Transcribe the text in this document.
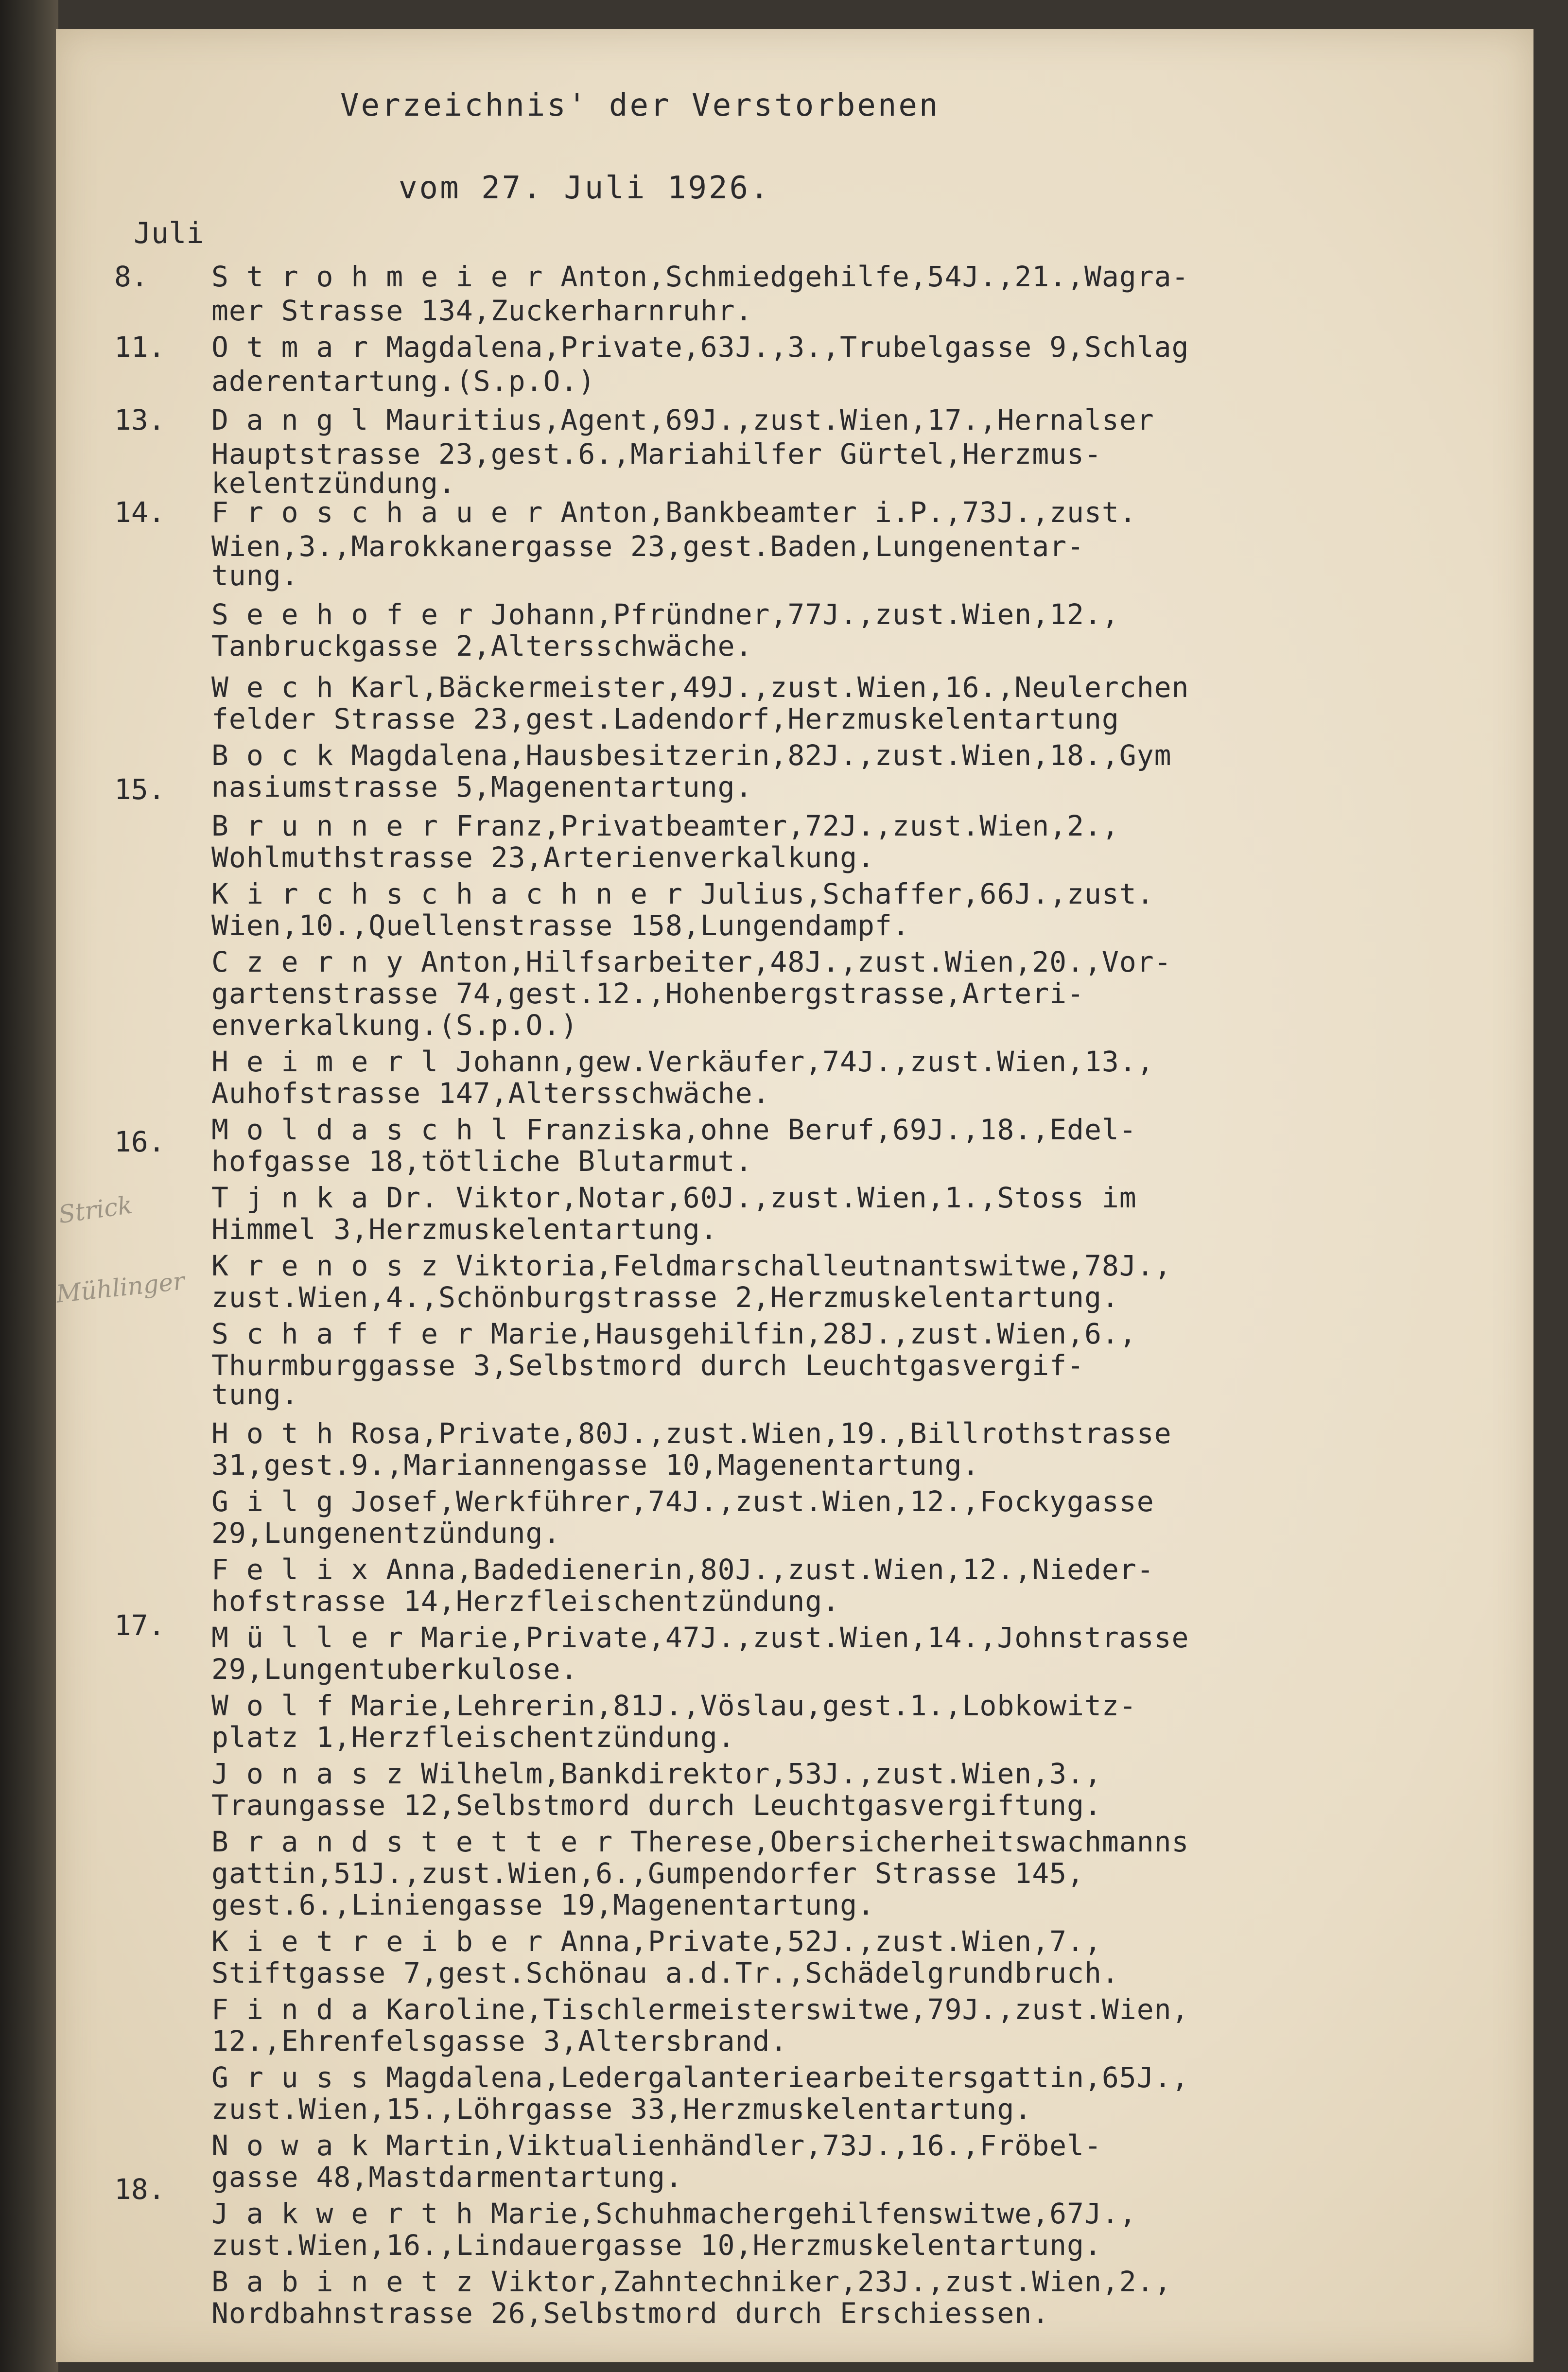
Verzeichnis' der Verstorbenen
vom 27. Juli 1926.
Juli
8.
11.
13.
14.
15.
16.
17.
18.
Strick
Mühlinger
S t r o h m e i e r Anton,Schmiedgehilfe,54J.,21.,Wagra-
mer Strasse 134,Zuckerharnruhr.
O t m a r Magdalena,Private,63J.,3.,Trubelgasse 9,Schlag
aderentartung.(S.p.O.)
D a n g l Mauritius,Agent,69J.,zust.Wien,17.,Hernalser
Hauptstrasse 23,gest.6.,Mariahilfer Gürtel,Herzmus-
kelentzündung.
F r o s c h a u e r Anton,Bankbeamter i.P.,73J.,zust.
Wien,3.,Marokkanergasse 23,gest.Baden,Lungenentar-
tung.
S e e h o f e r Johann,Pfründner,77J.,zust.Wien,12.,
Tanbruckgasse 2,Altersschwäche.
W e c h Karl,Bäckermeister,49J.,zust.Wien,16.,Neulerchen
felder Strasse 23,gest.Ladendorf,Herzmuskelentartung
B o c k Magdalena,Hausbesitzerin,82J.,zust.Wien,18.,Gym
nasiumstrasse 5,Magenentartung.
B r u n n e r Franz,Privatbeamter,72J.,zust.Wien,2.,
Wohlmuthstrasse 23,Arterienverkalkung.
K i r c h s c h a c h n e r Julius,Schaffer,66J.,zust.
Wien,10.,Quellenstrasse 158,Lungendampf.
C z e r n y Anton,Hilfsarbeiter,48J.,zust.Wien,20.,Vor-
gartenstrasse 74,gest.12.,Hohenbergstrasse,Arteri-
enverkalkung.(S.p.O.)
H e i m e r l Johann,gew.Verkäufer,74J.,zust.Wien,13.,
Auhofstrasse 147,Altersschwäche.
M o l d a s c h l Franziska,ohne Beruf,69J.,18.,Edel-
hofgasse 18,tötliche Blutarmut.
T j n k a Dr. Viktor,Notar,60J.,zust.Wien,1.,Stoss im
Himmel 3,Herzmuskelentartung.
K r e n o s z Viktoria,Feldmarschalleutnantswitwe,78J.,
zust.Wien,4.,Schönburgstrasse 2,Herzmuskelentartung.
S c h a f f e r Marie,Hausgehilfin,28J.,zust.Wien,6.,
Thurmburggasse 3,Selbstmord durch Leuchtgasvergif-
tung.
H o t h Rosa,Private,80J.,zust.Wien,19.,Billrothstrasse
31,gest.9.,Mariannengasse 10,Magenentartung.
G i l g Josef,Werkführer,74J.,zust.Wien,12.,Fockygasse
29,Lungenentzündung.
F e l i x Anna,Badedienerin,80J.,zust.Wien,12.,Nieder-
hofstrasse 14,Herzfleischentzündung.
M ü l l e r Marie,Private,47J.,zust.Wien,14.,Johnstrasse
29,Lungentuberkulose.
W o l f Marie,Lehrerin,81J.,Vöslau,gest.1.,Lobkowitz-
platz 1,Herzfleischentzündung.
J o n a s z Wilhelm,Bankdirektor,53J.,zust.Wien,3.,
Traungasse 12,Selbstmord durch Leuchtgasvergiftung.
B r a n d s t e t t e r Therese,Obersicherheitswachmanns
gattin,51J.,zust.Wien,6.,Gumpendorfer Strasse 145,
gest.6.,Liniengasse 19,Magenentartung.
K i e t r e i b e r Anna,Private,52J.,zust.Wien,7.,
Stiftgasse 7,gest.Schönau a.d.Tr.,Schädelgrundbruch.
F i n d a Karoline,Tischlermeisterswitwe,79J.,zust.Wien,
12.,Ehrenfelsgasse 3,Altersbrand.
G r u s s Magdalena,Ledergalanteriearbeitersgattin,65J.,
zust.Wien,15.,Löhrgasse 33,Herzmuskelentartung.
N o w a k Martin,Viktualienhändler,73J.,16.,Fröbel-
gasse 48,Mastdarmentartung.
J a k w e r t h Marie,Schuhmachergehilfenswitwe,67J.,
zust.Wien,16.,Lindauergasse 10,Herzmuskelentartung.
B a b i n e t z Viktor,Zahntechniker,23J.,zust.Wien,2.,
Nordbahnstrasse 26,Selbstmord durch Erschiessen.
